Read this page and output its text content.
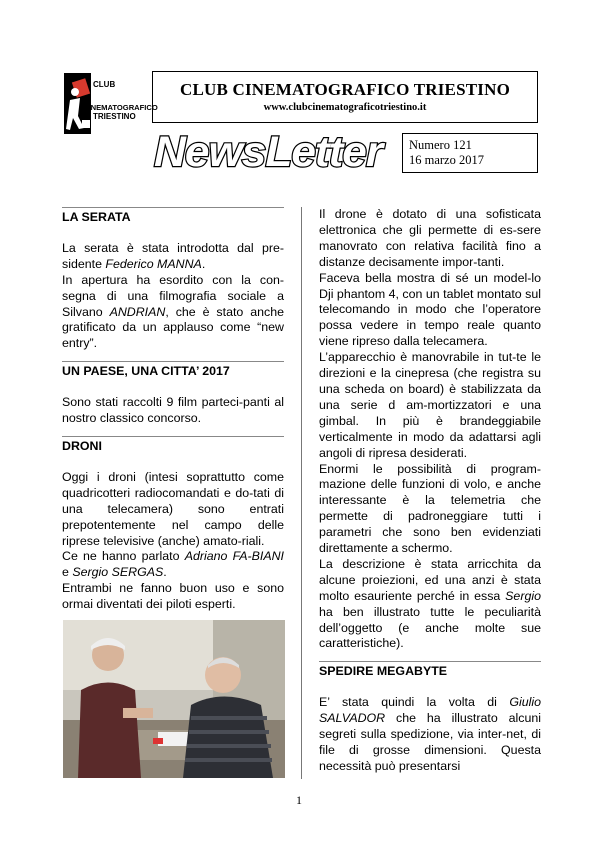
CLUB
CINEMATOGRAFICO
TRIESTINO
CLUB CINEMATOGRAFICO TRIESTINO
www.clubcinematograficotriestino.it
NewsLetter Numero 121
16 marzo 2017
LA SERATA

La serata è stata introdotta dal pre-sidente Federico MANNA.

In apertura ha esordito con la con-segna di una filmografia sociale a Silvano ANDRIAN, che è stato anche gratificato da un applauso come “new entry”.

UN PAESE, UNA CITTA’ 2017

Sono stati raccolti 9 film parteci-panti al nostro classico concorso.

DRONI

Oggi i droni (intesi soprattutto come quadricotteri radiocomandati e do-tati di una telecamera) sono entrati prepotentemente nel campo delle riprese televisive (anche) amato-riali.

Ce ne hanno parlato Adriano FA-BIANI e Sergio SERGAS.

Entrambi ne fanno buon uso e sono ormai diventati dei piloti esperti.

Il drone è dotato di una sofisticata elettronica che gli permette di es-sere manovrato con relativa facilità fino a distanze decisamente impor-tanti.

Faceva bella mostra di sé un model-lo Dji phantom 4, con un tablet montato sul telecomando in modo che l’operatore possa vedere in tempo reale quanto viene ripreso dalla telecamera.

L’apparecchio è manovrabile in tut-te le direzioni e la cinepresa (che registra su una scheda on board) è stabilizzata da una serie d am-mortizzatori e una gimbal. In più è brandeggiabile verticalmente in modo da adattarsi agli angoli di ripresa desiderati.

Enormi le possibilità di program-mazione delle funzioni di volo, e anche interessante è la telemetria che permette di padroneggiare tutti i parametri che sono ben evidenziati direttamente a schermo.

La descrizione è stata arricchita da alcune proiezioni, ed una anzi è stata molto esauriente perché in essa Sergio ha ben illustrato tutte le peculiarità dell’oggetto (e anche molte sue caratteristiche).

SPEDIRE MEGABYTE

E’ stata quindi la volta di Giulio SALVADOR che ha illustrato alcuni segreti sulla spedizione, via inter-net, di file di grosse dimensioni. Questa necessità può presentarsi

1
